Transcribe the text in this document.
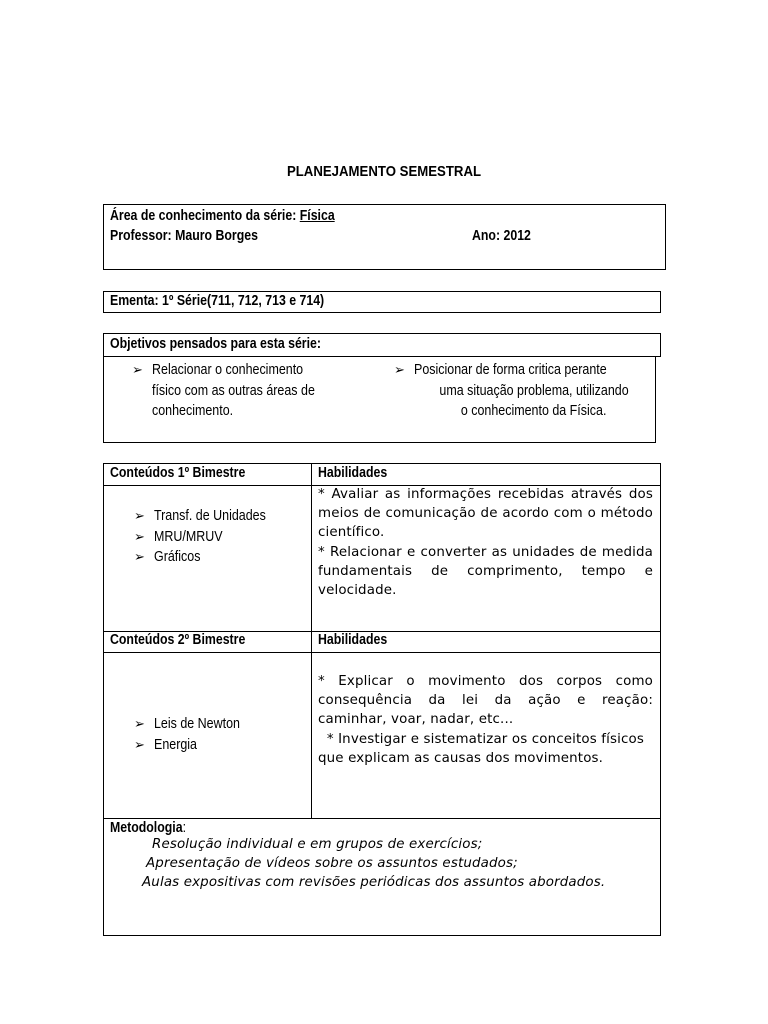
PLANEJAMENTO SEMESTRAL
Área de conhecimento da série: Física
Professor: Mauro Borges	Ano: 2012
Ementa: 1º Série(711, 712, 713 e 714)
Objetivos pensados para esta série:
➢ Relacionar o conhecimento
físico com as outras áreas de
conhecimento.
➢ Posicionar de forma critica perante
uma situação problema, utilizando
o conhecimento da Física.
Conteúdos 1º Bimestre	Habilidades
➢ Transf. de Unidades
➢ MRU/MRUV
➢ Gráficos
* Avaliar as informações recebidas através dos meios de comunicação de acordo com o método científico.
* Relacionar e converter as unidades de medida fundamentais de comprimento, tempo e velocidade.
Conteúdos 2º Bimestre	Habilidades
➢ Leis de Newton
➢ Energia
* Explicar o movimento dos corpos como consequência da lei da ação e reação: caminhar, voar, nadar, etc...
* Investigar e sistematizar os conceitos físicos que explicam as causas dos movimentos.
Metodologia:
Resolução individual e em grupos de exercícios;
Apresentação de vídeos sobre os assuntos estudados;
Aulas expositivas com revisões periódicas dos assuntos abordados.
